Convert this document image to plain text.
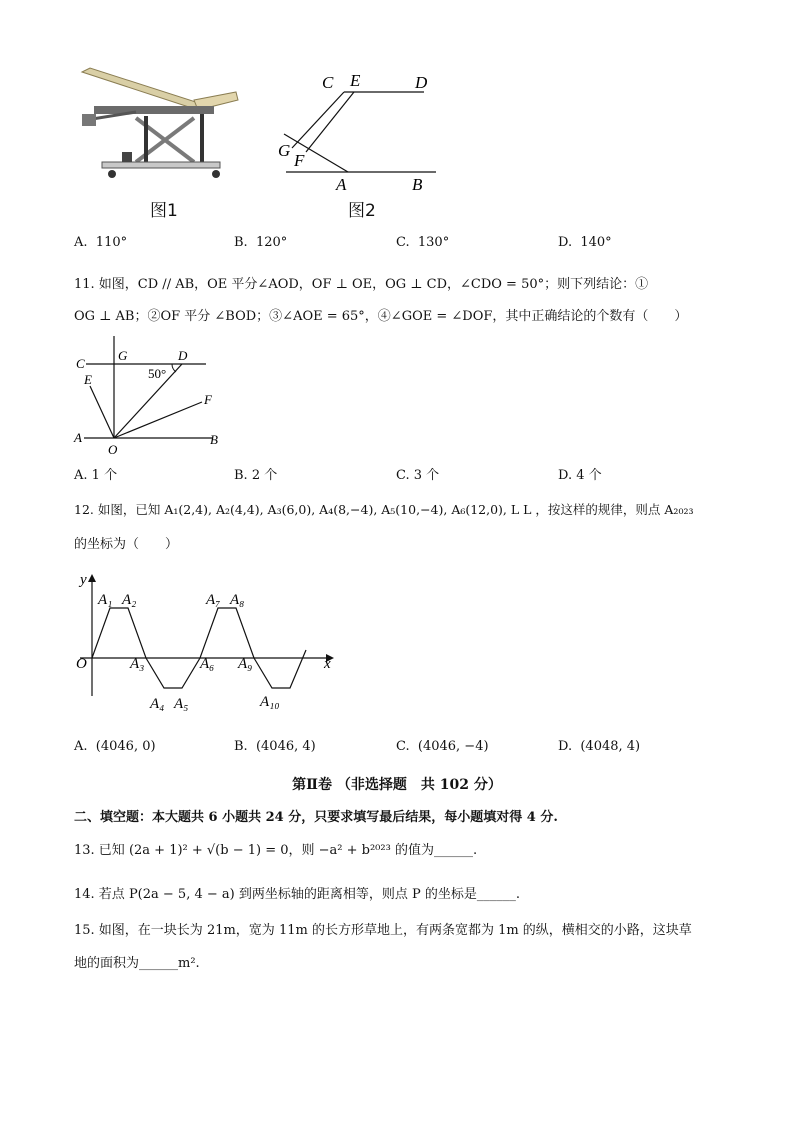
图1
C E	D
G
F
A	B
图2
A. 110°	B. 120°	C. 130°	D. 140°
11. 如图，CD // AB，OE 平分∠AOD，OF ⊥ OE，OG ⊥ CD，∠CDO = 50°；则下列结论：①
OG ⊥ AB；②OF 平分 ∠BOD；③∠AOE = 65°，④∠GOE = ∠DOF，其中正确结论的个数有（　　）
C
G	D
E	50°
F
A
O
B
A. 1 个	B. 2 个	C. 3 个	D. 4 个
12. 如图，已知 A₁(2,4), A₂(4,4), A₃(6,0), A₄(8,−4), A₅(10,−4), A₆(12,0), L L ，按这样的规律，则点 A₂₀₂₃
的坐标为（　　）
y
x
O
A₁ A₂
A₃
A₄ A₅
A₆
A₇ A₈
A₉
A₁₀
A. (4046, 0)	B. (4046, 4)	C. (4046, −4)	D. (4048, 4)
第Ⅱ卷 （非选择题　共 102 分）
二、填空题：本大题共 6 小题共 24 分，只要求填写最后结果，每小题填对得 4 分.
13. 已知 (2a + 1)² + √(b − 1) = 0，则 −a² + b²⁰²³ 的值为______.
14. 若点 P(2a − 5, 4 − a) 到两坐标轴的距离相等，则点 P 的坐标是______.
15. 如图，在一块长为 21m，宽为 11m 的长方形草地上，有两条宽都为 1m 的纵，横相交的小路，这块草
地的面积为______m².
